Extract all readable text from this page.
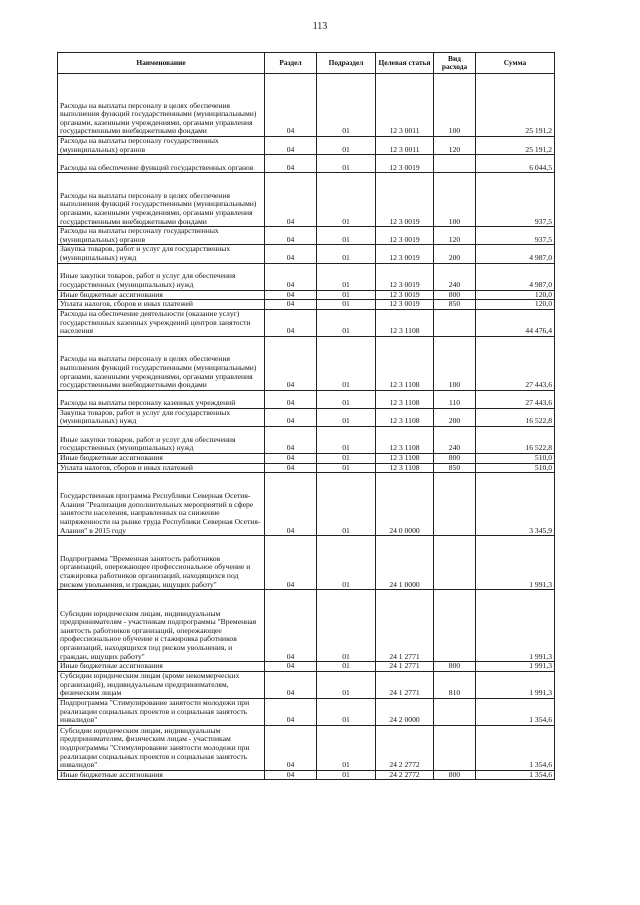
113
Наименование	Раздел	Подраздел	Целевая статья	Вид расхода	Сумма
Расходы на выплаты персоналу в целях обеспечения выполнения функций государственными (муниципальными) органами, казенными учреждениями, органами управления государственными внебюджетными фондами	04	01	12 3 0011	100	25 191,2
Расходы на выплаты персоналу государственных (муниципальных) органов	04	01	12 3 0011	120	25 191,2
Расходы на обеспечение функций государственных органов	04	01	12 3 0019		6 044,5
Расходы на выплаты персоналу в целях обеспечения выполнения функций государственными (муниципальными) органами, казенными учреждениями, органами управления государственными внебюджетными фондами	04	01	12 3 0019	100	937,5
Расходы на выплаты персоналу государственных (муниципальных) органов	04	01	12 3 0019	120	937,5
Закупка товаров, работ и услуг для государственных (муниципальных) нужд	04	01	12 3 0019	200	4 987,0
Иные закупки товаров, работ и услуг для обеспечения государственных (муниципальных) нужд	04	01	12 3 0019	240	4 987,0
Иные бюджетные ассигнования	04	01	12 3 0019	800	120,0
Уплата налогов, сборов и иных платежей	04	01	12 3 0019	850	120,0
Расходы на обеспечение деятельности (оказание услуг) государственных казенных учреждений центров занятости населения	04	01	12 3 1108		44 476,4
Расходы на выплаты персоналу в целях обеспечения выполнения функций государственными (муниципальными) органами, казенными учреждениями, органами управления государственными внебюджетными фондами	04	01	12 3 1108	100	27 443,6
Расходы на выплаты персоналу казенных учреждений	04	01	12 3 1108	110	27 443,6
Закупка товаров, работ и услуг для государственных (муниципальных) нужд	04	01	12 3 1108	200	16 522,8
Иные закупки товаров, работ и услуг для обеспечения государственных (муниципальных) нужд	04	01	12 3 1108	240	16 522,8
Иные бюджетные ассигнования	04	01	12 3 1108	800	510,0
Уплата налогов, сборов и иных платежей	04	01	12 3 1108	850	510,0
Государственная программа Республики Северная Осетия-Алания "Реализация дополнительных мероприятий в сфере занятости населения, направленных на снижение напряженности на рынке труда Республики Северная Осетия-Алания" в 2015 году	04	01	24 0 0000		3 345,9
Подпрограмма "Временная занятость работников организаций, опережающее профессиональное обучение и стажировка работников организаций, находящихся под риском увольнения, и граждан, ищущих работу"	04	01	24 1 0000		1 991,3
Субсидии юридическим лицам, индивидуальным предпринимателям - участникам подпрограммы "Временная занятость работников организаций, опережающее профессиональное обучение и стажировка работников организаций, находящихся под риском увольнения, и граждан, ищущих работу"	04	01	24 1 2771		1 991,3
Иные бюджетные ассигнования	04	01	24 1 2771	800	1 991,3
Субсидии юридическим лицам (кроме некоммерческих организаций), индивидуальным предпринимателям, физическим лицам	04	01	24 1 2771	810	1 991,3
Подпрограмма "Стимулирование занятости молодежи при реализации социальных проектов и социальная занятость инвалидов"	04	01	24 2 0000		1 354,6
Субсидии юридическим лицам, индивидуальным предпринимателям, физическим лицам - участникам подпрограммы "Стимулирование занятости молодежи при реализации социальных проектов и социальная занятость инвалидов"	04	01	24 2 2772		1 354,6
Иные бюджетные ассигнования	04	01	24 2 2772	800	1 354,6
